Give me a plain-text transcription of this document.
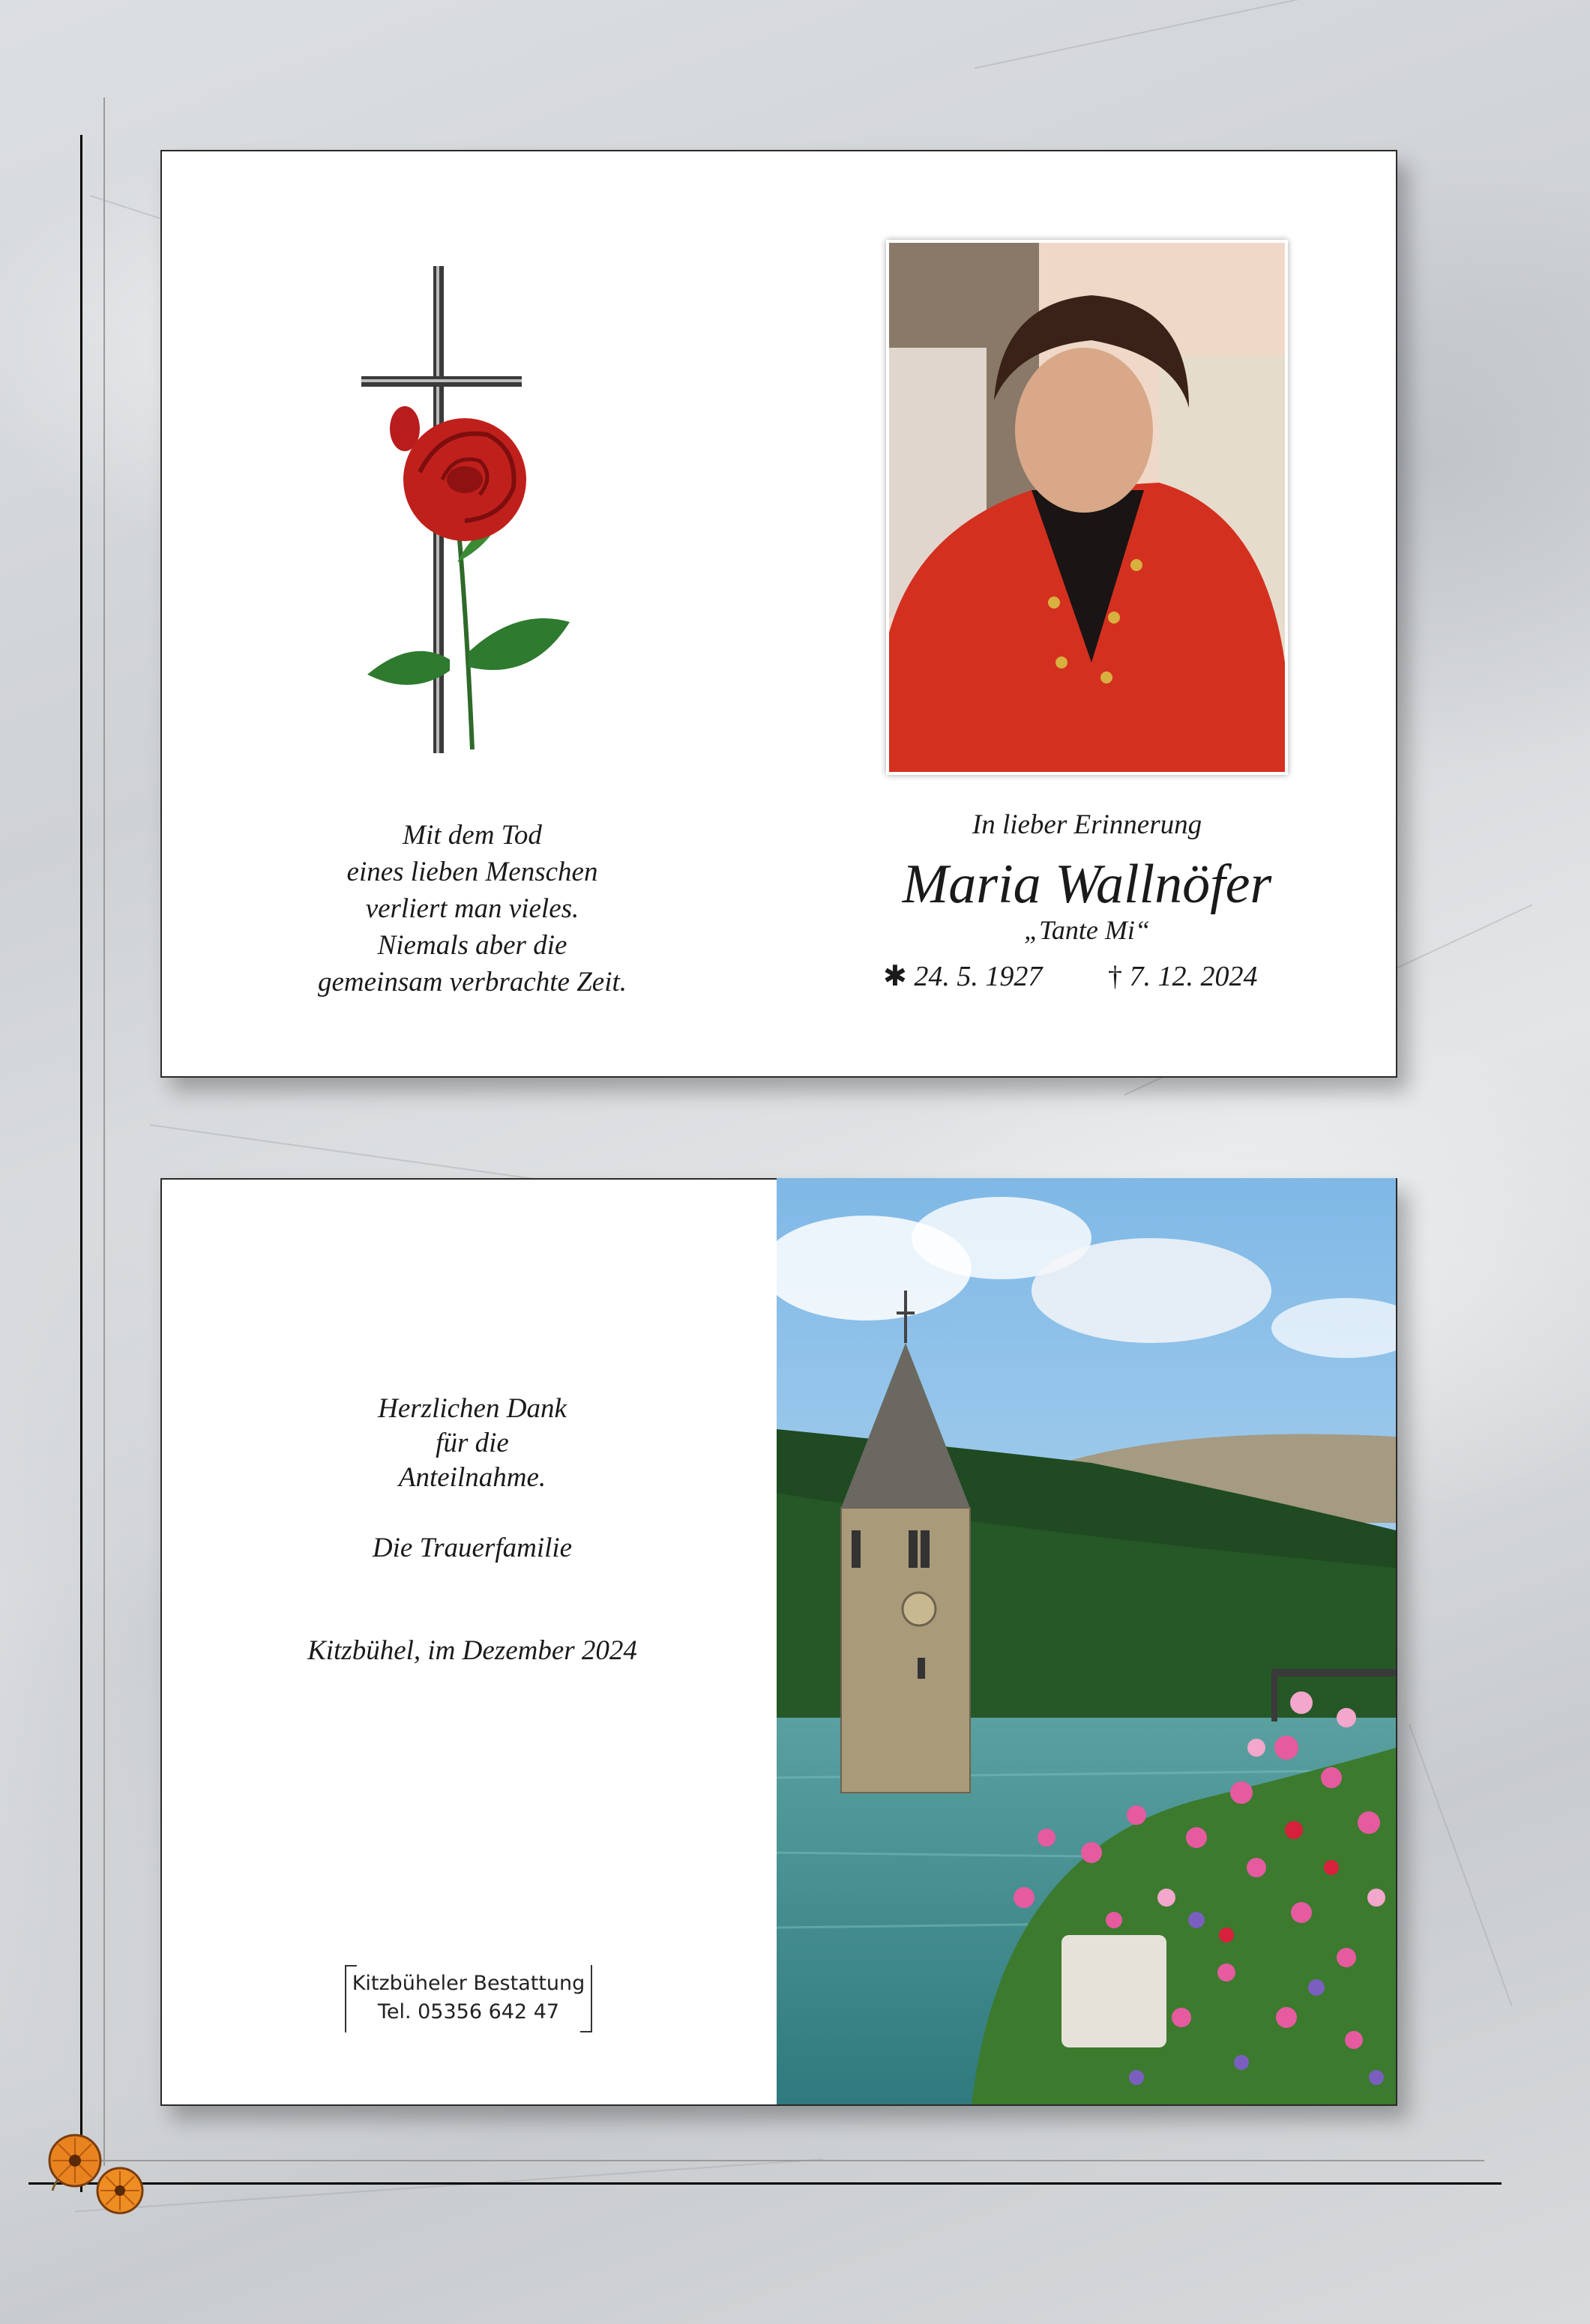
Mit dem Tod
eines lieben Menschen
verliert man vieles.
Niemals aber die
gemeinsam verbrachte Zeit.
In lieber Erinnerung
Maria Wallnöfer
„Tante Mi“
✱ 24. 5. 1927	† 7. 12. 2024
Herzlichen Dank
für die
Anteilnahme.
Die Trauerfamilie
Kitzbühel, im Dezember 2024
Kitzbüheler Bestattung
Tel. 05356 642 47
